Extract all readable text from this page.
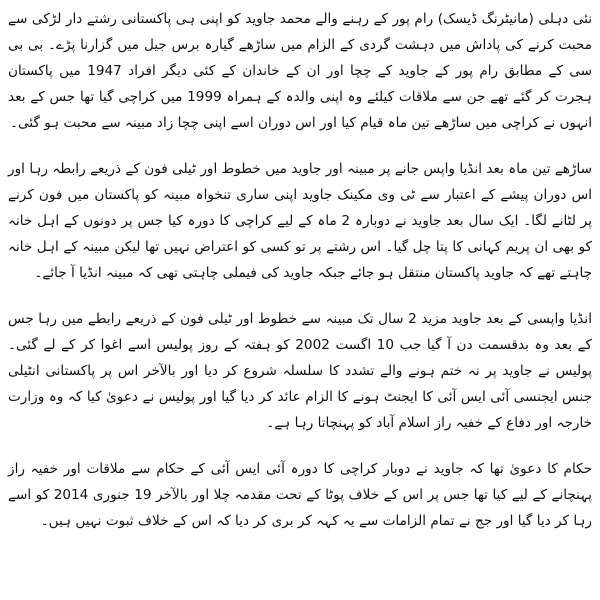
نئی دہلی (مانیٹرنگ ڈیسک) رام پور کے رہنے والے محمد جاوید کو اپنی ہی پاکستانی رشتے دار لڑکی سے محبت کرنے کی پاداش میں دہشت گردی کے الزام میں ساڑھے گیارہ برس جیل میں گزارنا پڑے۔ بی بی سی کے مطابق رام پور کے جاوید کے چچا اور ان کے خاندان کے کئی دیگر افراد 1947 میں پاکستان ہجرت کر گئے تھے جن سے ملاقات کیلئے وہ اپنی والدہ کے ہمراہ 1999 میں کراچی گیا تھا جس کے بعد انہوں نے کراچی میں ساڑھے تین ماہ قیام کیا اور اس دوران اسے اپنی چچا زاد مبینہ سے محبت ہو گئی۔

ساڑھے تین ماہ بعد انڈیا واپس جانے پر مبینہ اور جاوید میں خطوط اور ٹیلی فون کے ذریعے رابطہ رہا اور اس دوران پیشے کے اعتبار سے ٹی وی مکینک جاوید اپنی ساری تنخواہ مبینہ کو پاکستان میں فون کرنے پر لٹانے لگا۔ ایک سال بعد جاوید نے دوبارہ 2 ماہ کے لیے کراچی کا دورہ کیا جس پر دونوں کے اہل خانہ کو بھی ان پریم کہانی کا پتا چل گیا۔ اس رشتے پر تو کسی کو اعتراض نہیں تھا لیکن مبینہ کے اہل خانہ چاہتے تھے کہ جاوید پاکستان منتقل ہو جائے جبکہ جاوید کی فیملی چاہتی تھی کہ مبینہ انڈیا آ جائے۔

انڈیا واپسی کے بعد جاوید مزید 2 سال تک مبینہ سے خطوط اور ٹیلی فون کے ذریعے رابطے میں رہا جس کے بعد وہ بدقسمت دن آ گیا جب 10 اگست 2002 کو ہفتہ کے روز پولیس اسے اغوا کر کے لے گئی۔ پولیس نے جاوید پر نہ ختم ہونے والے تشدد کا سلسلہ شروع کر دیا اور بالآخر اس پر پاکستانی انٹیلی جنس ایجنسی آئی ایس آئی کا ایجنٹ ہونے کا الزام عائد کر دیا گیا اور پولیس نے دعویٰ کیا کہ وہ وزارت خارجہ اور دفاع کے خفیہ راز اسلام آباد کو پہنچاتا رہا ہے۔

حکام کا دعویٰ تھا کہ جاوید نے دوبار کراچی کا دورہ آئی ایس آئی کے حکام سے ملاقات اور خفیہ راز پہنچانے کے لیے کیا تھا جس پر اس کے خلاف پوٹا کے تحت مقدمہ چلا اور بالآخر 19 جنوری 2014 کو اسے رہا کر دیا گیا اور جج نے تمام الزامات سے یہ کہہ کر بری کر دیا کہ اس کے خلاف ثبوت نہیں ہیں۔
